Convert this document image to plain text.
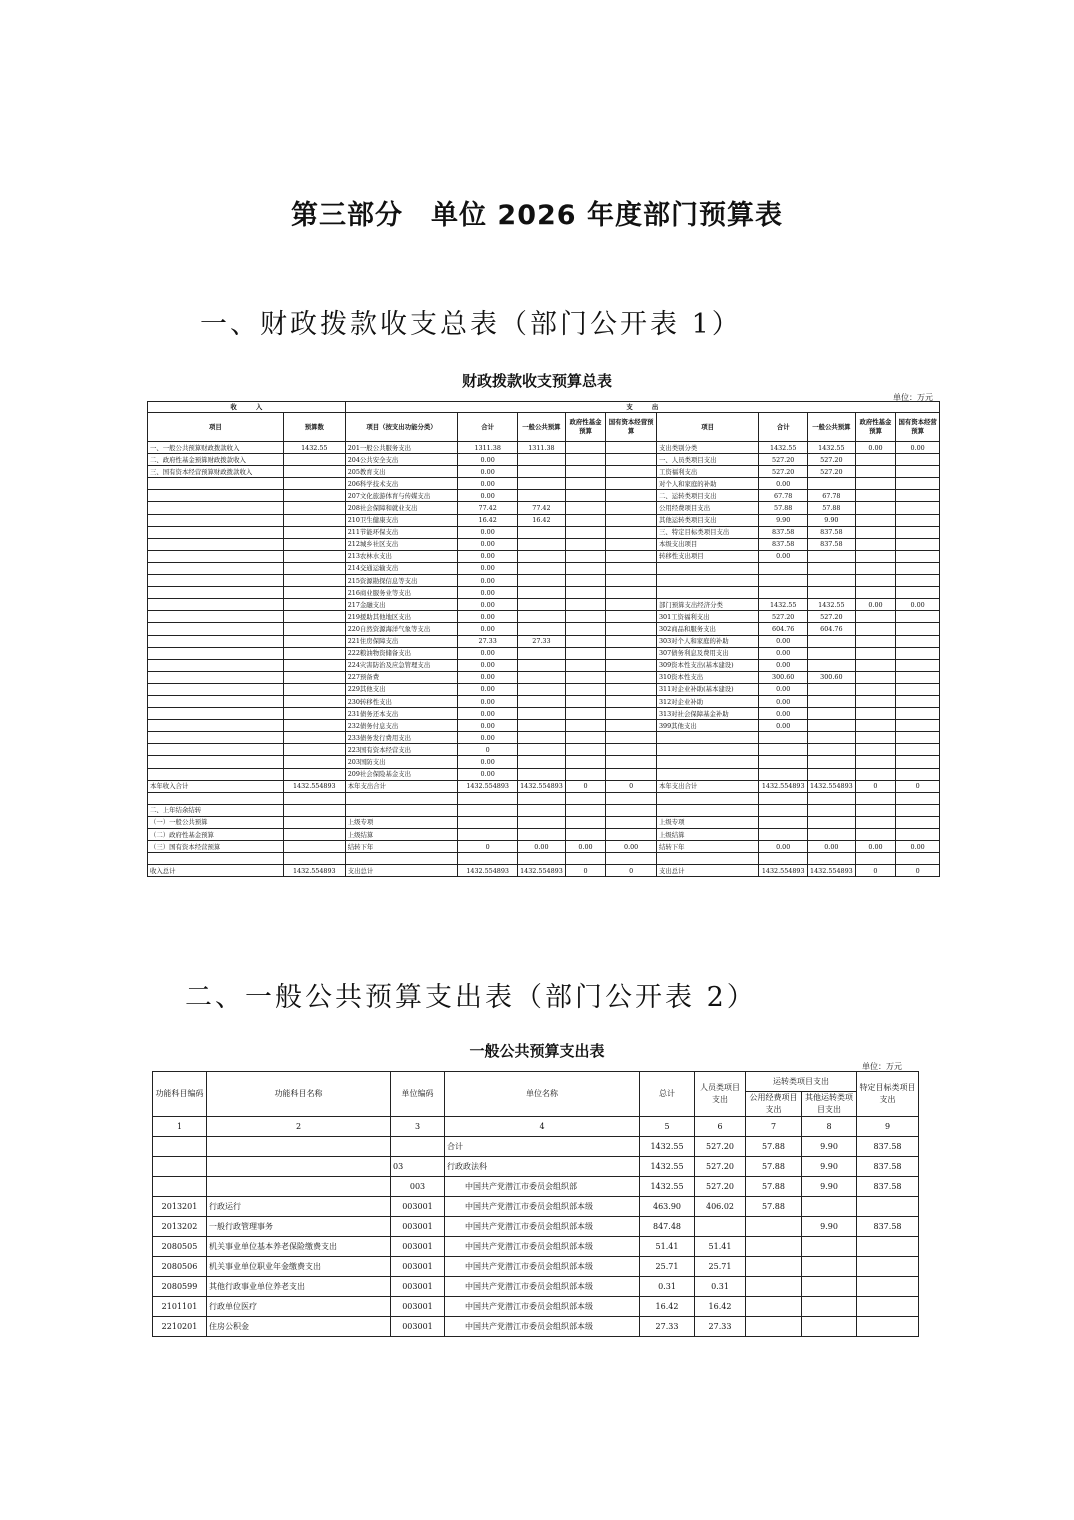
第三部分　单位 2026 年度部门预算表
一、财政拨款收支总表（部门公开表 1）
财政拨款收支预算总表
单位：万元
收　　　入		支　　　出									
项目	预算数	项目（按支出功能分类）	合计	一般公共预算	政府性基金预算	国有资本经营预算	项目	合计	一般公共预算	政府性基金预算	国有资本经营预算
一、一般公共预算财政拨款收入	1432.55	201一般公共服务支出	1311.38	1311.38			支出类别分类	1432.55	1432.55	0.00	0.00
二、政府性基金预算财政拨款收入		204公共安全支出	0.00				一、人员类项目支出	527.20	527.20		
三、国有资本经营预算财政拨款收入		205教育支出	0.00				工资福利支出	527.20	527.20		
		206科学技术支出	0.00				对个人和家庭的补助	0.00			
		207文化旅游体育与传媒支出	0.00				二、运转类项目支出	67.78	67.78		
		208社会保障和就业支出	77.42	77.42			公用经费项目支出	57.88	57.88		
		210卫生健康支出	16.42	16.42			其他运转类项目支出	9.90	9.90		
		211节能环保支出	0.00				三、特定目标类项目支出	837.58	837.58		
		212城乡社区支出	0.00				本级支出项目	837.58	837.58		
		213农林水支出	0.00				转移性支出项目	0.00			
		214交通运输支出	0.00								
		215资源勘探信息等支出	0.00								
		216商业服务业等支出	0.00								
		217金融支出	0.00				部门预算支出经济分类	1432.55	1432.55	0.00	0.00
		219援助其他地区支出	0.00				301工资福利支出	527.20	527.20		
		220自然资源海洋气象等支出	0.00				302商品和服务支出	604.76	604.76		
		221住房保障支出	27.33	27.33			303对个人和家庭的补助	0.00			
		222粮油物资储备支出	0.00				307债务利息及费用支出	0.00			
		224灾害防治及应急管理支出	0.00				309资本性支出(基本建设)	0.00			
		227预备费	0.00				310资本性支出	300.60	300.60		
		229其他支出	0.00				311对企业补助(基本建设)	0.00			
		230转移性支出	0.00				312对企业补助	0.00			
		231债务还本支出	0.00				313对社会保障基金补助	0.00			
		232债务付息支出	0.00				399其他支出	0.00			
		233债务发行费用支出	0.00								
		223国有资本经营支出	0								
		203国防支出	0.00								
		209社会保险基金支出	0.00								
本年收入合计	1432.554893	本年支出合计	1432.554893	1432.554893	0	0	本年支出合计	1432.554893	1432.554893	0	0

二、上年结余结转											
（一）一般公共预算		上级专项					上级专项				
（二）政府性基金预算		上级结算					上级结算				
（三）国有资本经营预算		结转下年	0	0.00	0.00	0.00	结转下年	0.00	0.00	0.00	0.00

收入总计	1432.554893	支出总计	1432.554893	1432.554893	0	0	支出总计	1432.554893	1432.554893	0	0
二、一般公共预算支出表（部门公开表 2）
一般公共预算支出表
单位：万元
功能科目编码	功能科目名称	单位编码	单位名称	总计	人员类项目支出	运转类项目支出		特定目标类项目支出
						公用经费项目支出	其他运转类项目支出	
1	2	3	4	5	6	7	8	9
			合计	1432.55	527.20	57.88	9.90	837.58
		03	行政政法科	1432.55	527.20	57.88	9.90	837.58
		003	中国共产党潜江市委员会组织部	1432.55	527.20	57.88	9.90	837.58
2013201	行政运行	003001	中国共产党潜江市委员会组织部本级	463.90	406.02	57.88		
2013202	一般行政管理事务	003001	中国共产党潜江市委员会组织部本级	847.48			9.90	837.58
2080505	机关事业单位基本养老保险缴费支出	003001	中国共产党潜江市委员会组织部本级	51.41	51.41			
2080506	机关事业单位职业年金缴费支出	003001	中国共产党潜江市委员会组织部本级	25.71	25.71			
2080599	其他行政事业单位养老支出	003001	中国共产党潜江市委员会组织部本级	0.31	0.31			
2101101	行政单位医疗	003001	中国共产党潜江市委员会组织部本级	16.42	16.42			
2210201	住房公积金	003001	中国共产党潜江市委员会组织部本级	27.33	27.33			
